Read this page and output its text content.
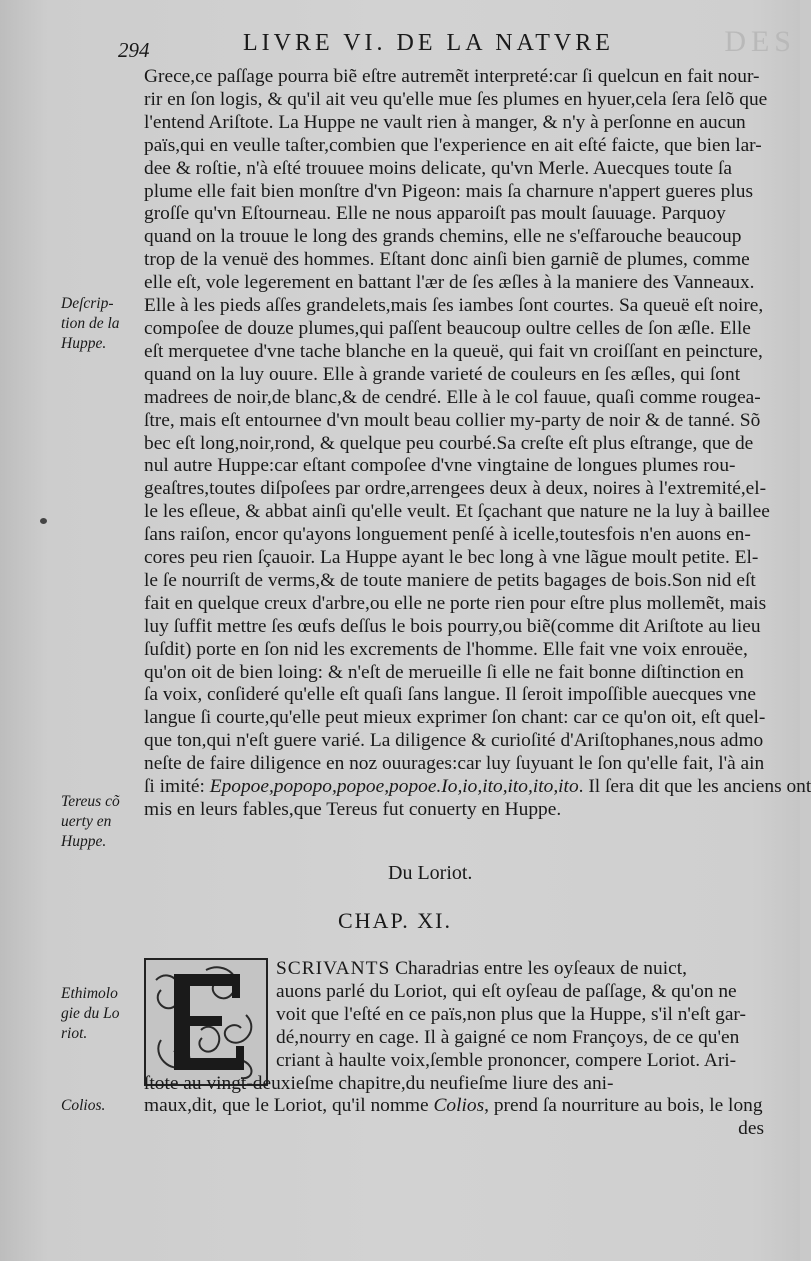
DES
294	LIVRE VI. DE LA NATVRE
Grece,ce paſſage pourra biẽ eſtre autremẽt interpreté:car ſi quelcun en fait nour-
rir en ſon logis, & qu'il ait veu qu'elle mue ſes plumes en hyuer,cela ſera ſelõ que
l'entend Ariſtote. La Huppe ne vault rien à manger, & n'y à perſonne en aucun
païs,qui en veulle taſter,combien que l'experience en ait eſté faicte, que bien lar-
dee & roſtie, n'à eſté trouuee moins delicate, qu'vn Merle. Auecques toute ſa
plume elle fait bien monſtre d'vn Pigeon: mais ſa charnure n'appert gueres plus
groſſe qu'vn Eſtourneau. Elle ne nous apparoiſt pas moult ſauuage. Parquoy
quand on la trouue le long des grands chemins, elle ne s'eſfarouche beaucoup
trop de la venuë des hommes. Eſtant donc ainſi bien garniẽ de plumes, comme
elle eſt, vole legerement en battant l'ær de ſes æſles à la maniere des Vanneaux.
Elle à les pieds aſſes grandelets,mais ſes iambes ſont courtes. Sa queuë eſt noire,
compoſee de douze plumes,qui paſſent beaucoup oultre celles de ſon æſle. Elle
eſt merquetee d'vne tache blanche en la queuë, qui fait vn croiſſant en peincture,
quand on la luy ouure. Elle à grande varieté de couleurs en ſes æſles, qui ſont
madrees de noir,de blanc,& de cendré. Elle à le col fauue, quaſi comme rougea-
ſtre, mais eſt entournee d'vn moult beau collier my-party de noir & de tanné. Sõ
bec eſt long,noir,rond, & quelque peu courbé.Sa creſte eſt plus eſtrange, que de
nul autre Huppe:car eſtant compoſee d'vne vingtaine de longues plumes rou-
geaſtres,toutes diſpoſees par ordre,arrengees deux à deux, noires à l'extremité,el-
le les eſleue, & abbat ainſi qu'elle veult. Et ſçachant que nature ne la luy à baillee
ſans raiſon, encor qu'ayons longuement penſé à icelle,toutesfois n'en auons en-
cores peu rien ſçauoir. La Huppe ayant le bec long à vne lãgue moult petite. El-
le ſe nourriſt de verms,& de toute maniere de petits bagages de bois.Son nid eſt
fait en quelque creux d'arbre,ou elle ne porte rien pour eſtre plus mollemẽt, mais
luy ſuffit mettre ſes œufs deſſus le bois pourry,ou biẽ(comme dit Ariſtote au lieu
ſuſdit) porte en ſon nid les excrements de l'homme. Elle fait vne voix enrouëe,
qu'on oit de bien loing: & n'eſt de merueille ſi elle ne fait bonne diſtinction en
ſa voix, conſideré qu'elle eſt quaſi ſans langue. Il ſeroit impoſſible auecques vne
langue ſi courte,qu'elle peut mieux exprimer ſon chant: car ce qu'on oit, eſt quel-
que ton,qui n'eſt guere varié. La diligence & curioſité d'Ariſtophanes,nous admo
neſte de faire diligence en noz ouurages:car luy ſuyuant le ſon qu'elle fait, l'à ain
ſi imité: Epopoe,popopo,popoe,popoe.Io,io,ito,ito,ito,ito. Il ſera dit que les anciens ont
mis en leurs fables,que Tereus fut conuerty en Huppe.
Deſcrip-
tion de la
Huppe.
Tereus cõ
uerty en
Huppe.
Du Loriot.
CHAP. XI.
SCRIVANTS Charadrias entre les oyſeaux de nuict,
auons parlé du Loriot, qui eſt oyſeau de paſſage, & qu'on ne
voit que l'eſté en ce païs,non plus que la Huppe, s'il n'eſt gar-
dé,nourry en cage. Il à gaigné ce nom Françoys, de ce qu'en
criant à haulte voix,ſemble prononcer, compere Loriot. Ari-
ſtote au vingt-deuxieſme chapitre,du neufieſme liure des ani-
maux,dit, que le Loriot, qu'il nomme Colios, prend ſa nourriture au bois, le long
des
Ethimolo
gie du Lo
riot.
Colios.
